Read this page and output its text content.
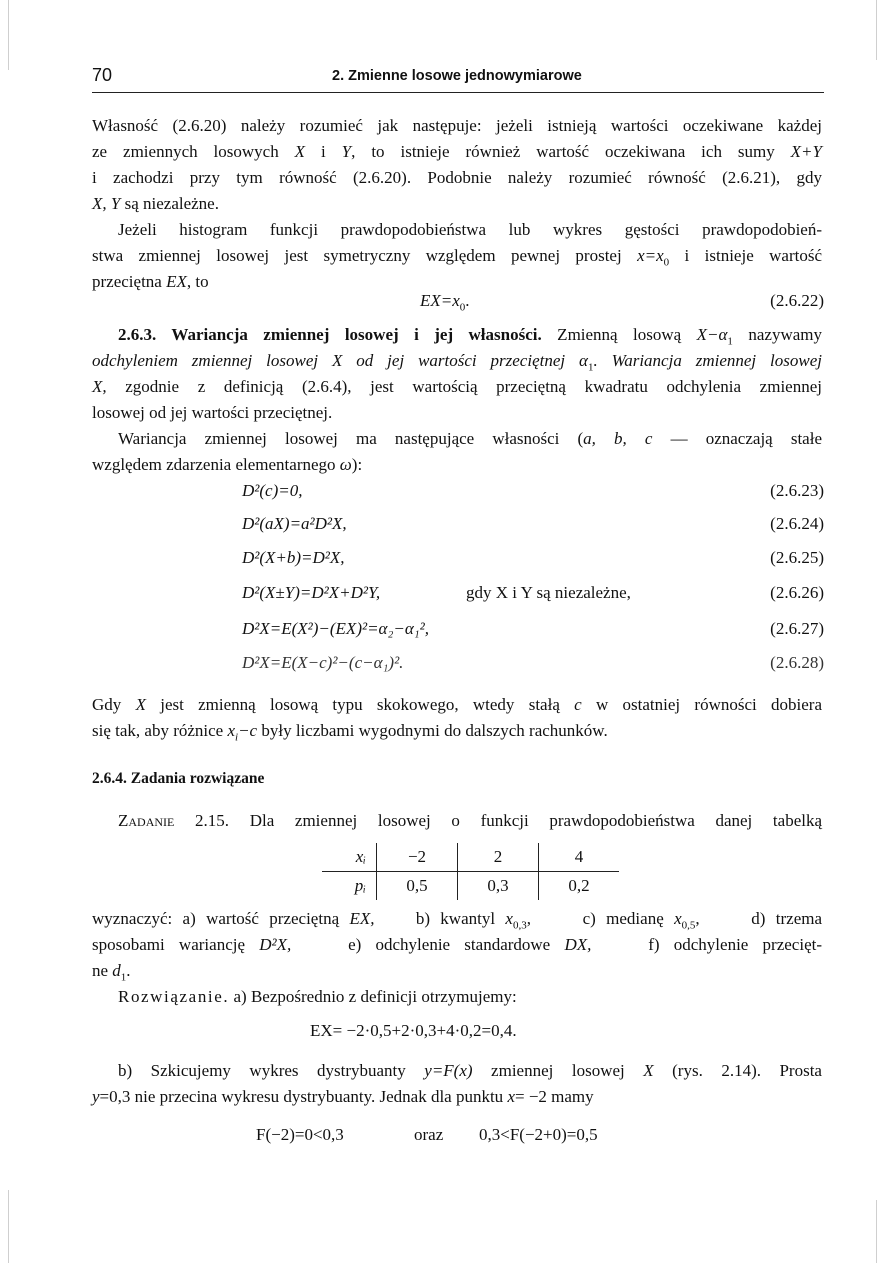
70	2. Zmienne losowe jednowymiarowe
Własność (2.6.20) należy rozumieć jak następuje: jeżeli istnieją wartości oczekiwane każdej
ze zmiennych losowych X i Y, to istnieje również wartość oczekiwana ich sumy X+Y
i zachodzi przy tym równość (2.6.20). Podobnie należy rozumieć równość (2.6.21), gdy
X, Y są niezależne.
Jeżeli histogram funkcji prawdopodobieństwa lub wykres gęstości prawdopodobień-
stwa zmiennej losowej jest symetryczny względem pewnej prostej $x=x_0$ i istnieje wartość
przeciętna EX, to
$EX=x_0$.	(2.6.22)
2.6.3. Wariancja zmiennej losowej i jej własności. Zmienną losową $X-\alpha_1$ nazywamy
odchyleniem zmiennej losowej X od jej wartości przeciętnej $\alpha_1$. Wariancja zmiennej losowej
X, zgodnie z definicją (2.6.4), jest wartością przeciętną kwadratu odchylenia zmiennej
losowej od jej wartości przeciętnej.
Wariancja zmiennej losowej ma następujące własności (a, b, c — oznaczają stałe
względem zdarzenia elementarnego ω):
D²(c)=0,	(2.6.23)
D²(aX)=a²D²X,	(2.6.24)
D²(X+b)=D²X,	(2.6.25)
D²(X±Y)=D²X+D²Y,	gdy X i Y są niezależne,	(2.6.26)
D²X=E(X²)−(EX)²=α₂−α₁²,	(2.6.27)
D²X=E(X−c)²−(c−α₁)².	(2.6.28)
Gdy X jest zmienną losową typu skokowego, wtedy stałą c w ostatniej równości dobiera
się tak, aby różnice $x_i-c$ były liczbami wygodnymi do dalszych rachunków.
2.6.4. Zadania rozwiązane
Zadanie 2.15. Dla zmiennej losowej o funkcji prawdopodobieństwa danej tabelką
xᵢ	−2	2	4
pᵢ	0,5	0,3	0,2
wyznaczyć: a) wartość przeciętną EX,    b) kwantyl $x_{0,3}$,     c) medianę $x_{0,5}$,     d) trzema
sposobami wariancję D²X,    e) odchylenie standardowe DX,    f) odchylenie przecięt-
ne $d_1$.
Rozwiązanie. a) Bezpośrednio z definicji otrzymujemy:
EX= −2·0,5+2·0,3+4·0,2=0,4.
b) Szkicujemy wykres dystrybuanty y=F(x) zmiennej losowej X (rys. 2.14). Prosta
y=0,3 nie przecina wykresu dystrybuanty. Jednak dla punktu x= −2 mamy
F(−2)=0<0,3	oraz 0,3<F(−2+0)=0,5
